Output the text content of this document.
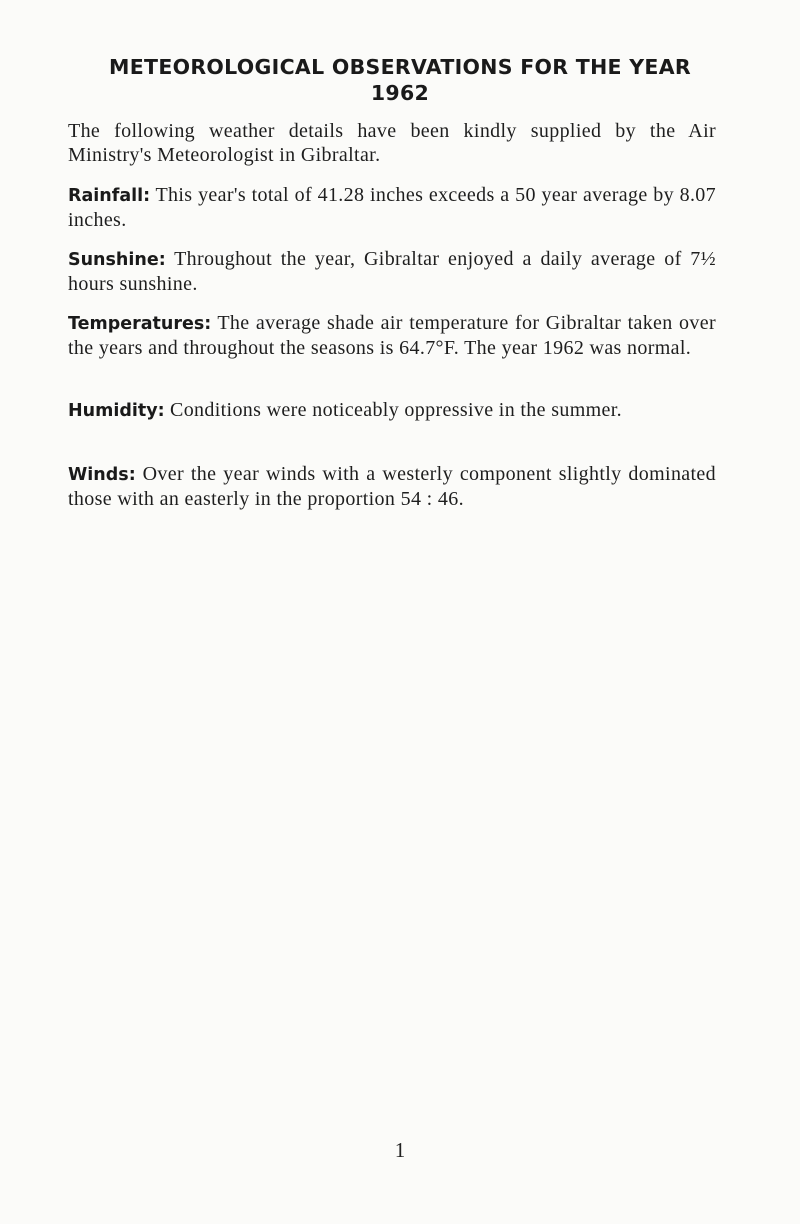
METEOROLOGICAL OBSERVATIONS FOR THE YEAR 1962

The following weather details have been kindly supplied by the Air Ministry's Meteorologist in Gibraltar.

Rainfall: This year's total of 41.28 inches exceeds a 50 year average by 8.07 inches.

Sunshine: Throughout the year, Gibraltar enjoyed a daily average of 7½ hours sunshine.

Temperatures: The average shade air temperature for Gibraltar taken over the years and throughout the seasons is 64.7°F. The year 1962 was normal.

Humidity: Conditions were noticeably oppressive in the summer.

Winds: Over the year winds with a westerly component slightly dominated those with an easterly in the proportion 54 : 46.

1
